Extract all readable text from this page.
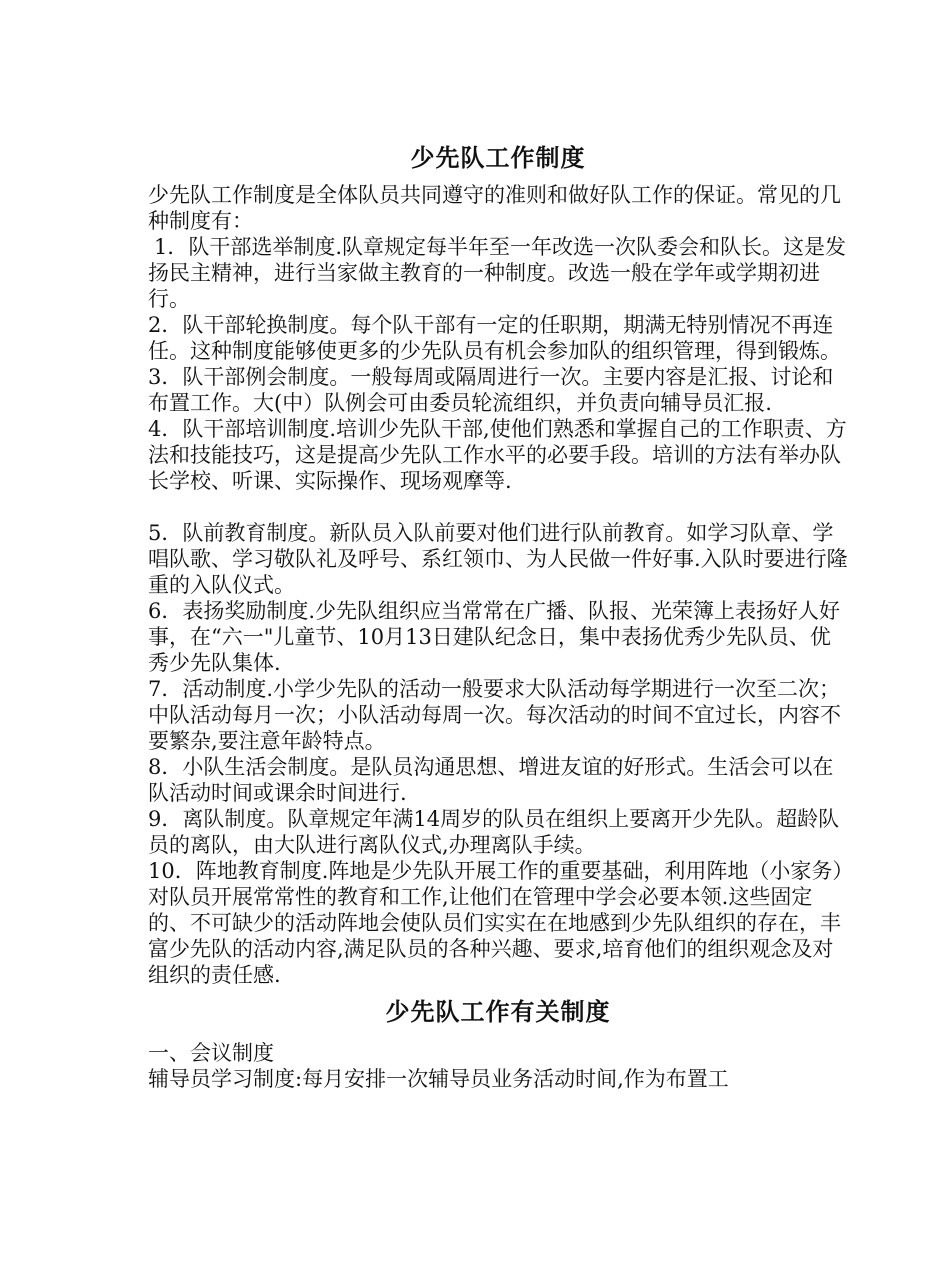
少先队工作制度

少先队工作制度是全体队员共同遵守的准则和做好队工作的保证。常见的几种制度有：

1．队干部选举制度.队章规定每半年至一年改选一次队委会和队长。这是发扬民主精神，进行当家做主教育的一种制度。改选一般在学年或学期初进行。

2．队干部轮换制度。每个队干部有一定的任职期，期满无特别情况不再连任。这种制度能够使更多的少先队员有机会参加队的组织管理，得到锻炼。

3．队干部例会制度。一般每周或隔周进行一次。主要内容是汇报、讨论和布置工作。大(中）队例会可由委员轮流组织，并负责向辅导员汇报.

4．队干部培训制度.培训少先队干部,使他们熟悉和掌握自己的工作职责、方法和技能技巧，这是提高少先队工作水平的必要手段。培训的方法有举办队长学校、听课、实际操作、现场观摩等.

5．队前教育制度。新队员入队前要对他们进行队前教育。如学习队章、学唱队歌、学习敬队礼及呼号、系红领巾、为人民做一件好事.入队时要进行隆重的入队仪式。

6．表扬奖励制度.少先队组织应当常常在广播、队报、光荣簿上表扬好人好事，在“六一"儿童节、10月13日建队纪念日，集中表扬优秀少先队员、优秀少先队集体.

7．活动制度.小学少先队的活动一般要求大队活动每学期进行一次至二次；中队活动每月一次；小队活动每周一次。每次活动的时间不宜过长，内容不要繁杂,要注意年龄特点。

8．小队生活会制度。是队员沟通思想、增进友谊的好形式。生活会可以在队活动时间或课余时间进行.

9．离队制度。队章规定年满14周岁的队员在组织上要离开少先队。超龄队员的离队，由大队进行离队仪式,办理离队手续。

10．阵地教育制度.阵地是少先队开展工作的重要基础，利用阵地（小家务）对队员开展常常性的教育和工作,让他们在管理中学会必要本领.这些固定的、不可缺少的活动阵地会使队员们实实在在地感到少先队组织的存在，丰富少先队的活动内容,满足队员的各种兴趣、要求,培育他们的组织观念及对组织的责任感.

少先队工作有关制度

一、会议制度

辅导员学习制度:每月安排一次辅导员业务活动时间,作为布置工
